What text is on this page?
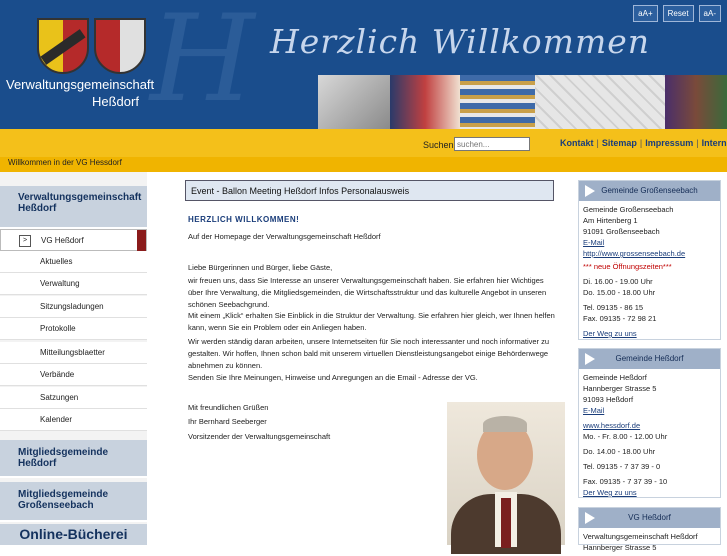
H
Verwaltungsgemeinschaft
Heßdorf
Herzlich Willkommen
aA+	Reset	aA-
Suchen
suchen...	Kontakt | Sitemap | Impressum | Intern
Willkommen in der VG Hessdorf
Verwaltungsgemeinschaft Heßdorf
>	VG Heßdorf
Aktuelles
Verwaltung
Sitzungsladungen
Protokolle
Mitteilungsblaetter
Verbände
Satzungen
Kalender
Mitgliedsgemeinde Heßdorf
Mitgliedsgemeinde Großenseebach
Online-Bücherei
Event - Ballon Meeting Heßdorf Infos Personalausweis
HERZLICH WILLKOMMEN!
Auf der Homepage der Verwaltungsgemeinschaft Heßdorf
Liebe Bürgerinnen und Bürger, liebe Gäste,
wir freuen uns, dass Sie Interesse an unserer Verwaltungsgemeinschaft haben. Sie erfahren hier Wichtiges über Ihre Verwaltung, die Mitgliedsgemeinden, die Wirtschaftsstruktur und das kulturelle Angebot in unseren schönen Seebachgrund.
Mit einem „Klick“ erhalten Sie Einblick in die Struktur der Verwaltung. Sie erfahren hier gleich, wer Ihnen helfen kann, wenn Sie ein Problem oder ein Anliegen haben.
Wir werden ständig daran arbeiten, unsere Internetseiten für Sie noch interessanter und noch informativer zu gestalten. Wir hoffen, Ihnen schon bald mit unserem virtuellen Dienstleistungsangebot einige Behördenwege abnehmen zu können.
Senden Sie Ihre Meinungen, Hinweise und Anregungen an die Email - Adresse der VG.
Mit freundlichen Grüßen
Ihr Bernhard Seeberger
Vorsitzender der Verwaltungsgemeinschaft
Gemeinde Großenseebach
Gemeinde Großenseebach
Am Hirtenberg 1
91091 Großenseebach
E-Mail
http://www.grossenseebach.de
*** neue Öffnungszeiten***
Di. 16.00 - 19.00 Uhr
Do. 15.00 - 18.00 Uhr
Tel. 09135 - 86 15
Fax. 09135 - 72 98 21
Der Weg zu uns
Gemeinde Heßdorf
Gemeinde Heßdorf
Hannberger Strasse 5
91093 Heßdorf
E-Mail
www.hessdorf.de
Mo. - Fr. 8.00 - 12.00 Uhr
Do. 14.00 - 18.00 Uhr
Tel. 09135 - 7 37 39 - 0
Fax. 09135 - 7 37 39 - 10
Der Weg zu uns
VG Heßdorf
Verwaltungsgemeinschaft Heßdorf
Hannberger Strasse 5
